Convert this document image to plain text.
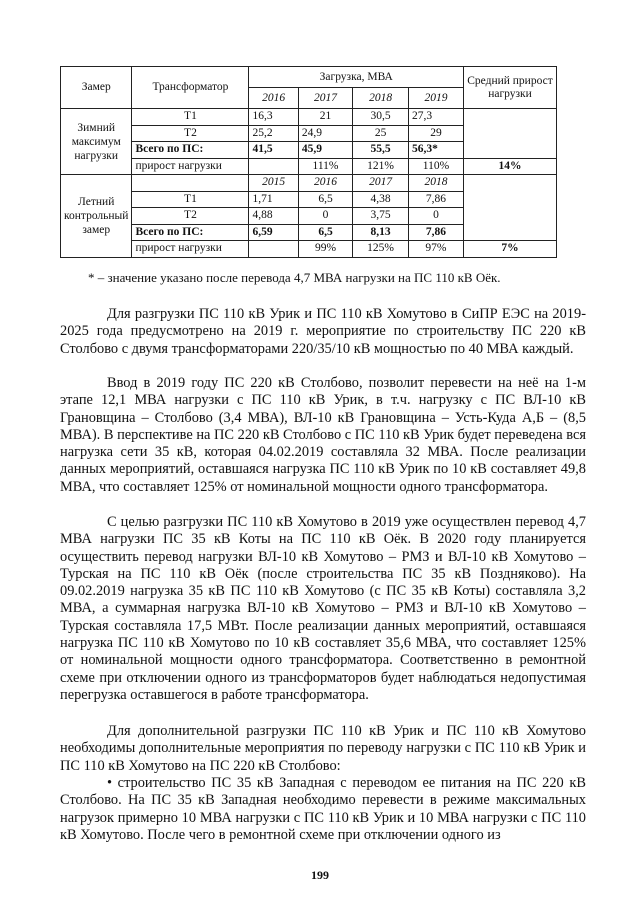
Замер	Трансформатор	Загрузка, МВА				Средний прирост нагрузки
		2016	2017	2018	2019	
Зимний максимум нагрузки	Т1	16,3	21	30,5	27,3	
	Т2	25,2	24,9	25	29	
	Всего по ПС:	41,5	45,9	55,5	56,3*	
	прирост нагрузки		111%	121%	110%	14%
Летний контрольный замер		2015	2016	2017	2018	
	Т1	1,71	6,5	4,38	7,86	
	Т2	4,88	0	3,75	0	
	Всего по ПС:	6,59	6,5	8,13	7,86	
	прирост нагрузки		99%	125%	97%	7%
* – значение указано после перевода 4,7 МВА нагрузки на ПС 110 кВ Оёк.

Для разгрузки ПС 110 кВ Урик и ПС 110 кВ Хомутово в СиПР ЕЭС на 2019-2025 года предусмотрено на 2019 г. мероприятие по строительству ПС 220 кВ Столбово с двумя трансформаторами 220/35/10 кВ мощностью по 40 МВА каждый.

Ввод в 2019 году ПС 220 кВ Столбово, позволит перевести на неё на 1-м этапе 12,1 МВА нагрузки с ПС 110 кВ Урик, в т.ч. нагрузку с ПС ВЛ-10 кВ Грановщина – Столбово (3,4 МВА), ВЛ-10 кВ Грановщина – Усть-Куда А,Б – (8,5 МВА). В перспективе на ПС 220 кВ Столбово с ПС 110 кВ Урик будет переведена вся нагрузка сети 35 кВ, которая 04.02.2019 составляла 32 МВА. После реализации данных мероприятий, оставшаяся нагрузка ПС 110 кВ Урик по 10 кВ составляет 49,8 МВА, что составляет 125% от номинальной мощности одного трансформатора.

С целью разгрузки ПС 110 кВ Хомутово в 2019 уже осуществлен перевод 4,7 МВА нагрузки ПС 35 кВ Коты на ПС 110 кВ Оёк. В 2020 году планируется осуществить перевод нагрузки ВЛ-10 кВ Хомутово – РМЗ и ВЛ-10 кВ Хомутово – Турская на ПС 110 кВ Оёк (после строительства ПС 35 кВ Поздняково). На 09.02.2019 нагрузка 35 кВ ПС 110 кВ Хомутово (с ПС 35 кВ Коты) составляла 3,2 МВА, а суммарная нагрузка ВЛ-10 кВ Хомутово – РМЗ и ВЛ-10 кВ Хомутово – Турская составляла 17,5 МВт. После реализации данных мероприятий, оставшаяся нагрузка ПС 110 кВ Хомутово по 10 кВ составляет 35,6 МВА, что составляет 125% от номинальной мощности одного трансформатора. Соответственно в ремонтной схеме при отключении одного из трансформаторов будет наблюдаться недопустимая перегрузка оставшегося в работе трансформатора.

Для дополнительной разгрузки ПС 110 кВ Урик и ПС 110 кВ Хомутово необходимы дополнительные мероприятия по переводу нагрузки с ПС 110 кВ Урик и ПС 110 кВ Хомутово на ПС 220 кВ Столбово:

• строительство ПС 35 кВ Западная с переводом ее питания на ПС 220 кВ Столбово. На ПС 35 кВ Западная необходимо перевести в режиме максимальных нагрузок примерно 10 МВА нагрузки с ПС 110 кВ Урик и 10 МВА нагрузки с ПС 110 кВ Хомутово. После чего в ремонтной схеме при отключении одного из

199
